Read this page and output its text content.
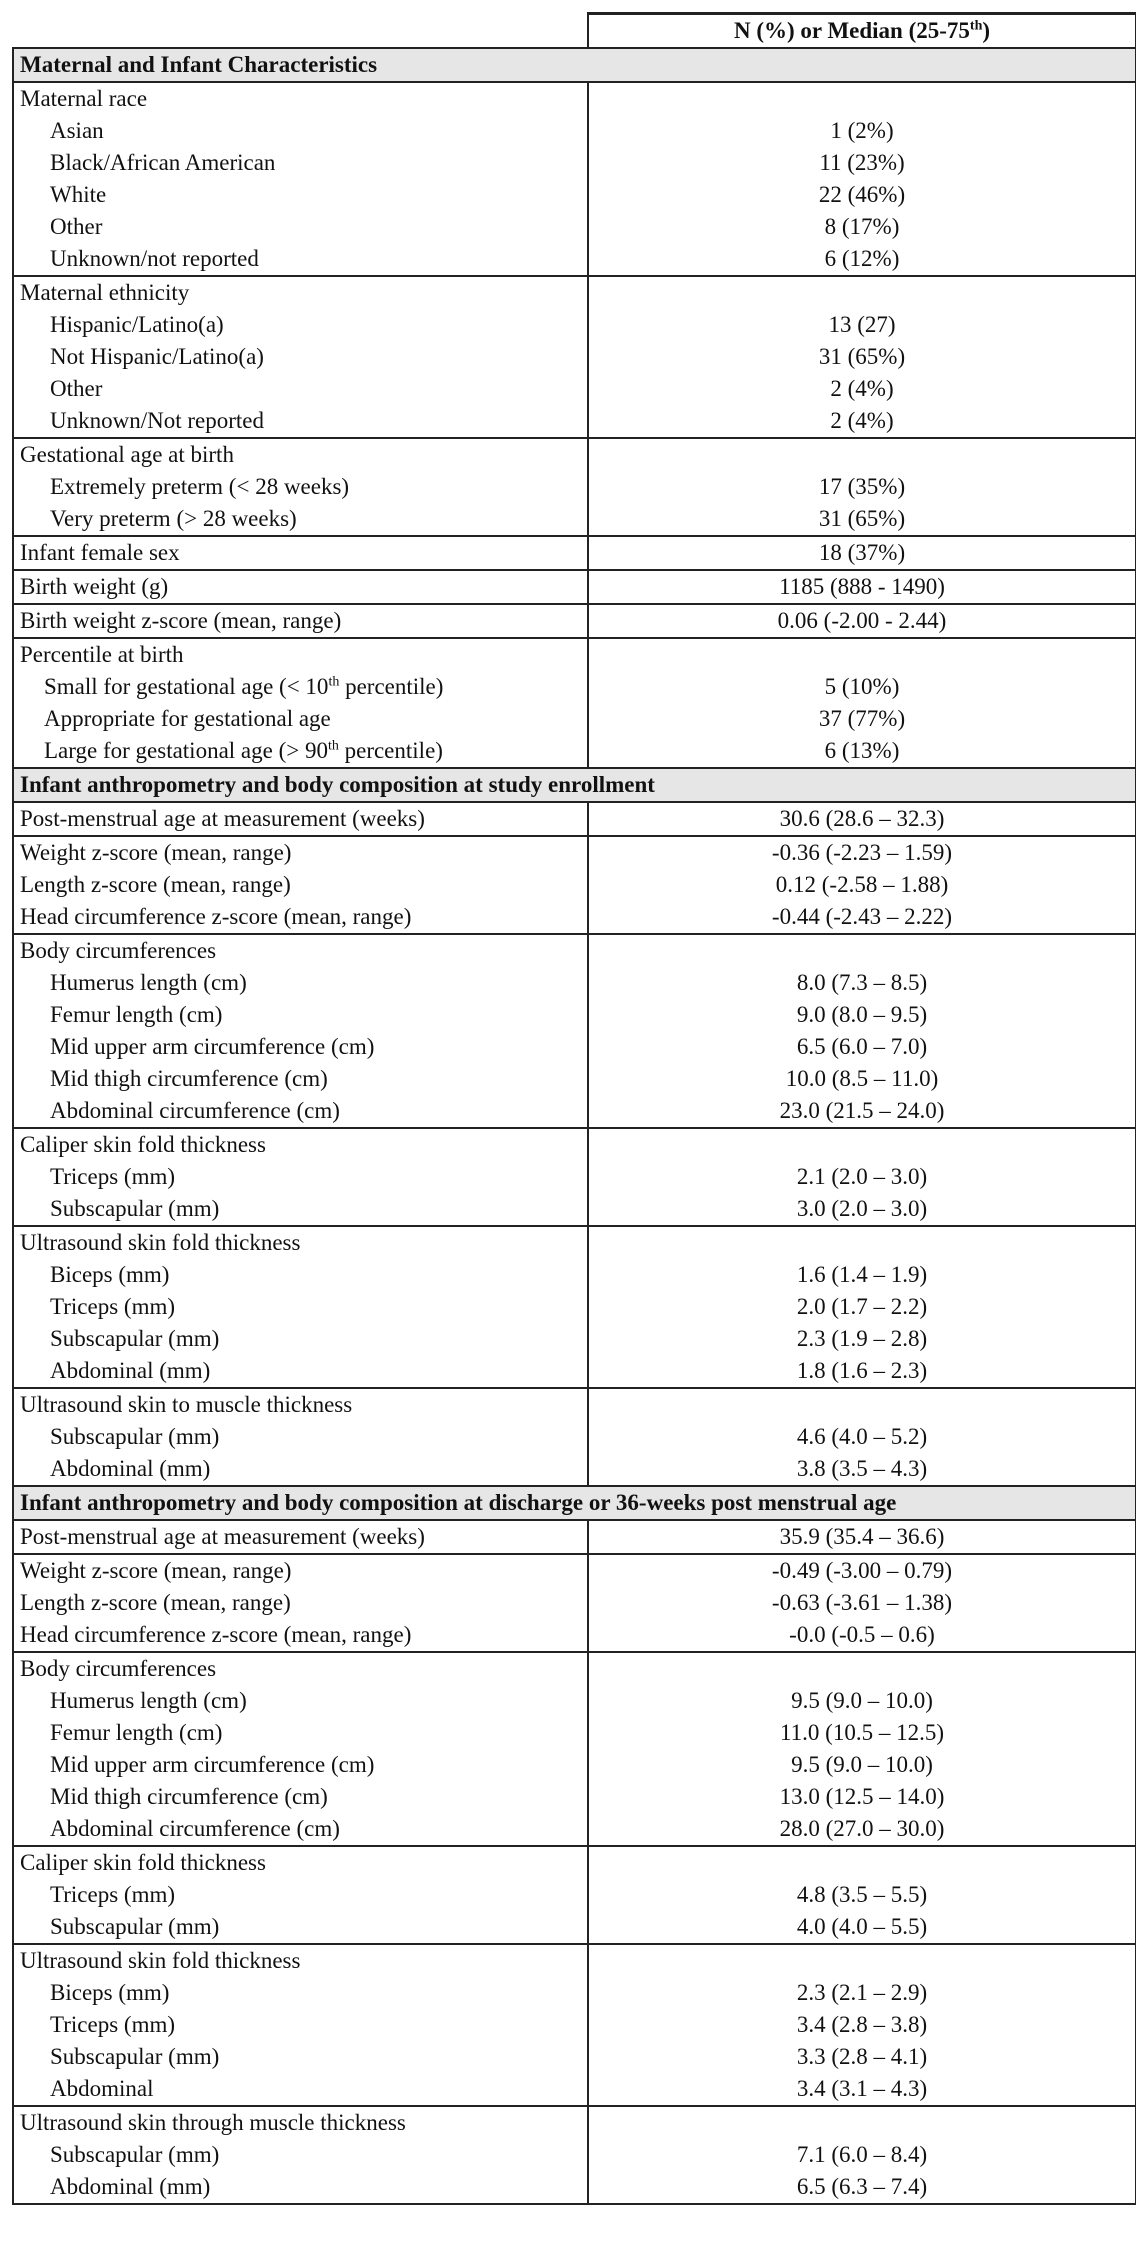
	N (%) or Median (25-75th)
Maternal and Infant Characteristics	
Maternal race	
Asian	1 (2%)
Black/African American	11 (23%)
White	22 (46%)
Other	8 (17%)
Unknown/not reported	6 (12%)
Maternal ethnicity	
Hispanic/Latino(a)	13 (27)
Not Hispanic/Latino(a)	31 (65%)
Other	2 (4%)
Unknown/Not reported	2 (4%)
Gestational age at birth	
Extremely preterm (< 28 weeks)	17 (35%)
Very preterm (> 28 weeks)	31 (65%)
Infant female sex	18 (37%)
Birth weight (g)	1185 (888 - 1490)
Birth weight z-score (mean, range)	0.06 (-2.00 - 2.44)
Percentile at birth	
Small for gestational age (< 10th percentile)	5 (10%)
Appropriate for gestational age	37 (77%)
Large for gestational age (> 90th percentile)	6 (13%)
Infant anthropometry and body composition at study enrollment	
Post-menstrual age at measurement (weeks)	30.6 (28.6 – 32.3)
Weight z-score (mean, range)	-0.36 (-2.23 – 1.59)
Length z-score (mean, range)	0.12 (-2.58 – 1.88)
Head circumference z-score (mean, range)	-0.44 (-2.43 – 2.22)
Body circumferences	
Humerus length (cm)	8.0 (7.3 – 8.5)
Femur length (cm)	9.0 (8.0 – 9.5)
Mid upper arm circumference (cm)	6.5 (6.0 – 7.0)
Mid thigh circumference (cm)	10.0 (8.5 – 11.0)
Abdominal circumference (cm)	23.0 (21.5 – 24.0)
Caliper skin fold thickness	
Triceps (mm)	2.1 (2.0 – 3.0)
Subscapular (mm)	3.0 (2.0 – 3.0)
Ultrasound skin fold thickness	
Biceps (mm)	1.6 (1.4 – 1.9)
Triceps (mm)	2.0 (1.7 – 2.2)
Subscapular (mm)	2.3 (1.9 – 2.8)
Abdominal (mm)	1.8 (1.6 – 2.3)
Ultrasound skin to muscle thickness	
Subscapular (mm)	4.6 (4.0 – 5.2)
Abdominal (mm)	3.8 (3.5 – 4.3)
Infant anthropometry and body composition at discharge or 36-weeks post menstrual age	
Post-menstrual age at measurement (weeks)	35.9 (35.4 – 36.6)
Weight z-score (mean, range)	-0.49 (-3.00 – 0.79)
Length z-score (mean, range)	-0.63 (-3.61 – 1.38)
Head circumference z-score (mean, range)	-0.0 (-0.5 – 0.6)
Body circumferences	
Humerus length (cm)	9.5 (9.0 – 10.0)
Femur length (cm)	11.0 (10.5 – 12.5)
Mid upper arm circumference (cm)	9.5 (9.0 – 10.0)
Mid thigh circumference (cm)	13.0 (12.5 – 14.0)
Abdominal circumference (cm)	28.0 (27.0 – 30.0)
Caliper skin fold thickness	
Triceps (mm)	4.8 (3.5 – 5.5)
Subscapular (mm)	4.0 (4.0 – 5.5)
Ultrasound skin fold thickness	
Biceps (mm)	2.3 (2.1 – 2.9)
Triceps (mm)	3.4 (2.8 – 3.8)
Subscapular (mm)	3.3 (2.8 – 4.1)
Abdominal	3.4 (3.1 – 4.3)
Ultrasound skin through muscle thickness	
Subscapular (mm)	7.1 (6.0 – 8.4)
Abdominal (mm)	6.5 (6.3 – 7.4)
